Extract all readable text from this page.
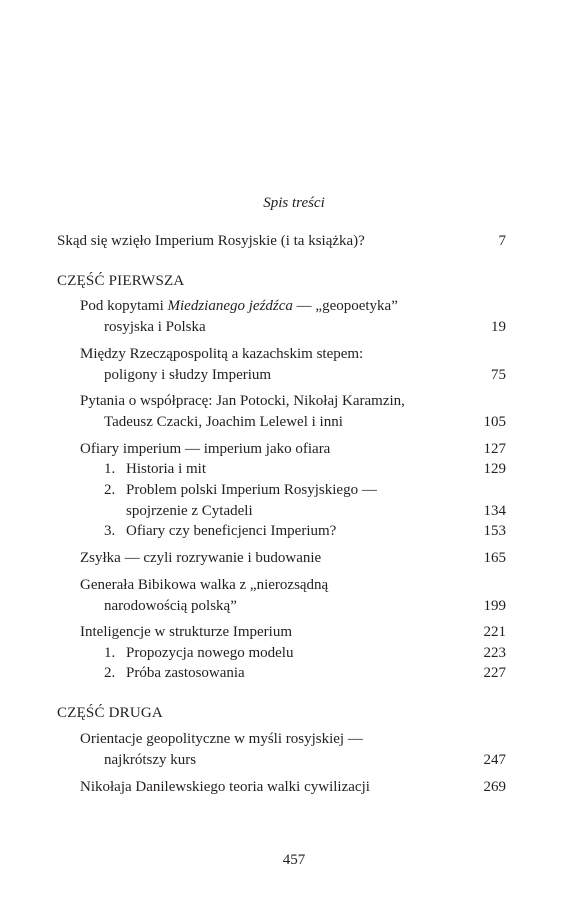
Spis treści
Skąd się wzięło Imperium Rosyjskie (i ta książka)?	7
CZĘŚĆ PIERWSZA
Pod kopytami Miedzianego jeźdźca — „geopoetyka”
rosyjska i Polska	19
Między Rzecząpospolitą a kazachskim stepem:
poligony i słudzy Imperium	75
Pytania o współpracę: Jan Potocki, Nikołaj Karamzin,
Tadeusz Czacki, Joachim Lelewel i inni	105
Ofiary imperium — imperium jako ofiara	127
1. Historia i mit	129
2. Problem polski Imperium Rosyjskiego —
spojrzenie z Cytadeli	134
3. Ofiary czy beneficjenci Imperium?	153
Zsyłka — czyli rozrywanie i budowanie	165
Generała Bibikowa walka z „nierozsądną
narodowością polską”	199
Inteligencje w strukturze Imperium	221
1. Propozycja nowego modelu	223
2. Próba zastosowania	227
CZĘŚĆ DRUGA
Orientacje geopolityczne w myśli rosyjskiej —
najkrótszy kurs	247
Nikołaja Danilewskiego teoria walki cywilizacji	269
457
